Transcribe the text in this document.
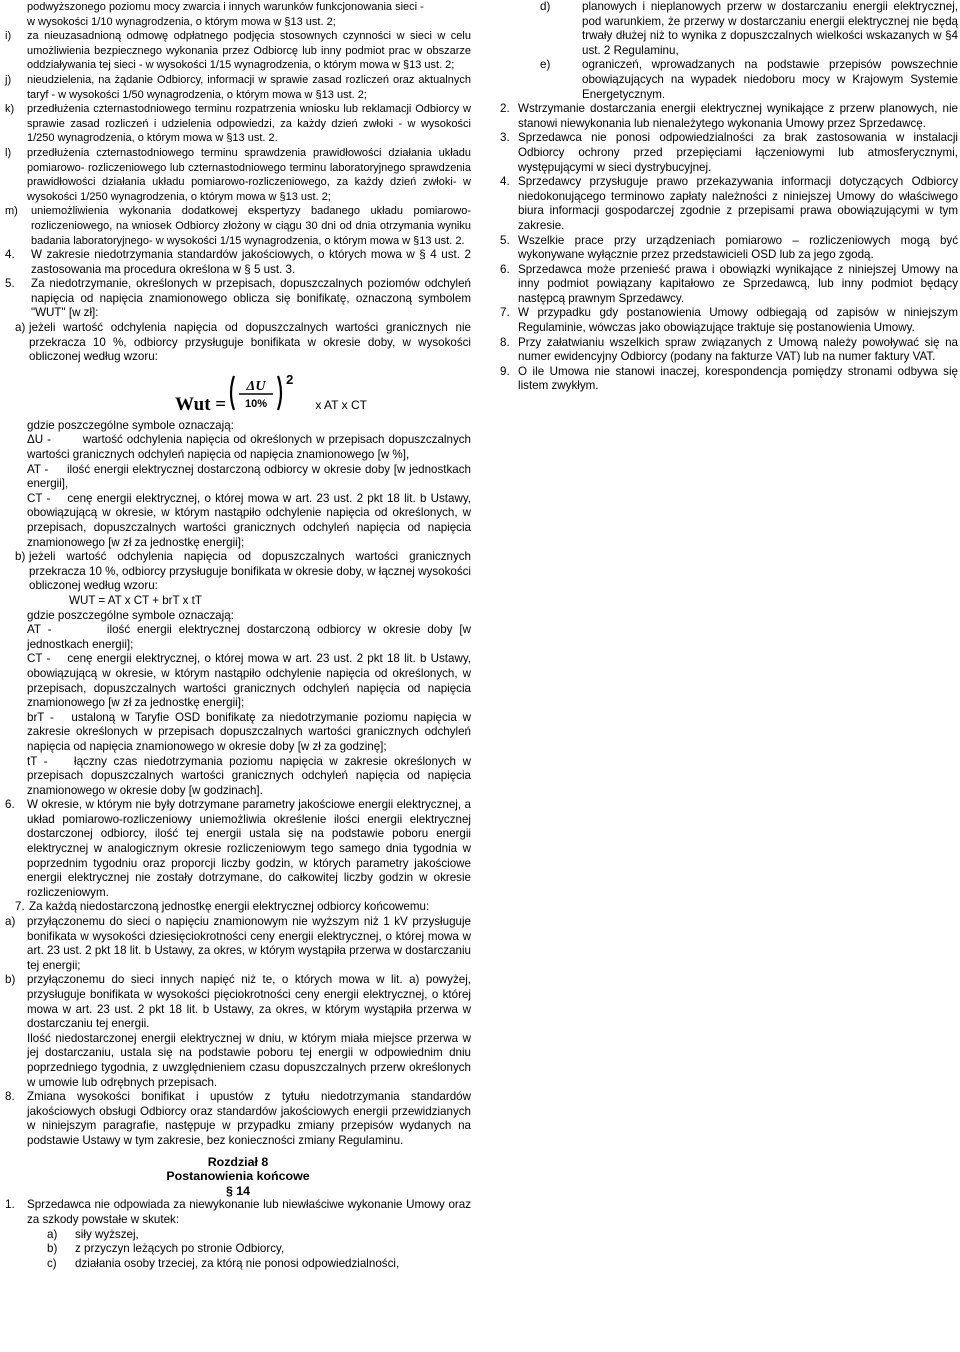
podwyższonego poziomu mocy zwarcia i innych warunków funkcjonowania sieci -

w wysokości 1/10 wynagrodzenia, o którym mowa w §13 ust. 2;

i)	za nieuzasadnioną odmowę odpłatnego podjęcia stosownych czynności w sieci w celu umożliwienia bezpiecznego wykonania przez Odbiorcę lub inny podmiot prac w obszarze oddziaływania tej sieci - w wysokości 1/15 wynagrodzenia, o którym mowa w §13 ust. 2;
j)	nieudzielenia, na żądanie Odbiorcy, informacji w sprawie zasad rozliczeń oraz aktualnych taryf - w wysokości 1/50 wynagrodzenia, o którym mowa w §13 ust. 2;
k)	przedłużenia czternastodniowego terminu rozpatrzenia wniosku lub reklamacji Odbiorcy w sprawie zasad rozliczeń i udzielenia odpowiedzi, za każdy dzień zwłoki - w wysokości 1/250 wynagrodzenia, o którym mowa w §13 ust. 2.
l)	przedłużenia czternastodniowego terminu sprawdzenia prawidłowości działania układu pomiarowo- rozliczeniowego lub czternastodniowego terminu laboratoryjnego sprawdzenia prawidłowości działania układu pomiarowo-rozliczeniowego, za każdy dzień zwłoki- w wysokości 1/250 wynagrodzenia, o którym mowa w §13 ust. 2;
m)	uniemożliwienia wykonania dodatkowej ekspertyzy badanego układu pomiarowo-rozliczeniowego, na wniosek Odbiorcy złożony w ciągu 30 dni od dnia otrzymania wyniku badania laboratoryjnego- w wysokości 1/15 wynagrodzenia, o którym mowa w §13 ust. 2.
4.	W zakresie niedotrzymania standardów jakościowych, o których mowa w § 4 ust. 2 zastosowania ma procedura określona w § 5 ust. 3.
5.	Za niedotrzymanie, określonych w przepisach, dopuszczalnych poziomów odchyleń napięcia od napięcia znamionowego oblicza się bonifikatę, oznaczoną symbolem "WUT" [w zł]:
a) jeżeli wartość odchylenia napięcia od dopuszczalnych wartości granicznych nie przekracza 10 %, odbiorcy przysługuje bonifikata w okresie doby, w wysokości obliczonej według wzoru:
Wut =
ΔU
10%
2
x AT x CT

gdzie poszczególne symbole oznaczają:

ΔU -	wartość odchylenia napięcia od określonych w przepisach dopuszczalnych wartości granicznych odchyleń napięcia od napięcia znamionowego [w %],

AT - ilość energii elektrycznej dostarczoną odbiorcy w okresie doby [w jednostkach energii],

CT - cenę energii elektrycznej, o której mowa w art. 23 ust. 2 pkt 18 lit. b Ustawy, obowiązującą w okresie, w którym nastąpiło odchylenie napięcia od określonych, w przepisach, dopuszczalnych wartości granicznych odchyleń napięcia od napięcia znamionowego [w zł za jednostkę energii];

b) jeżeli wartość odchylenia napięcia od dopuszczalnych wartości granicznych przekracza 10 %, odbiorcy przysługuje bonifikata w okresie doby, w łącznej wysokości obliczonej według wzoru:

WUT = AT x CT + brT x tT

gdzie poszczególne symbole oznaczają:

AT -	ilość energii elektrycznej dostarczoną odbiorcy w okresie doby [w jednostkach energii];

CT - cenę energii elektrycznej, o której mowa w art. 23 ust. 2 pkt 18 lit. b Ustawy, obowiązującą w okresie, w którym nastąpiło odchylenie napięcia od określonych, w przepisach, dopuszczalnych wartości granicznych odchyleń napięcia od napięcia znamionowego [w zł za jednostkę energii];

brT - ustaloną w Taryfie OSD bonifikatę za niedotrzymanie poziomu napięcia w zakresie określonych w przepisach dopuszczalnych wartości granicznych odchyleń napięcia od napięcia znamionowego w okresie doby [w zł za godzinę];

tT - łączny czas niedotrzymania poziomu napięcia w zakresie określonych w przepisach dopuszczalnych wartości granicznych odchyleń napięcia od napięcia znamionowego w okresie doby [w godzinach].

6.	W okresie, w którym nie były dotrzymane parametry jakościowe energii elektrycznej, a układ pomiarowo-rozliczeniowy uniemożliwia określenie ilości energii elektrycznej dostarczonej odbiorcy, ilość tej energii ustala się na podstawie poboru energii elektrycznej w analogicznym okresie rozliczeniowym tego samego dnia tygodnia w poprzednim tygodniu oraz proporcji liczby godzin, w których parametry jakościowe energii elektrycznej nie zostały dotrzymane, do całkowitej liczby godzin w okresie rozliczeniowym.
7. Za każdą niedostarczoną jednostkę energii elektrycznej odbiorcy końcowemu:
a)	przyłączonemu do sieci o napięciu znamionowym nie wyższym niż 1 kV przysługuje bonifikata w wysokości dziesięciokrotności ceny energii elektrycznej, o której mowa w art. 23 ust. 2 pkt 18 lit. b Ustawy, za okres, w którym wystąpiła przerwa w dostarczaniu tej energii;
b)	przyłączonemu do sieci innych napięć niż te, o których mowa w lit. a) powyżej, przysługuje bonifikata w wysokości pięciokrotności ceny energii elektrycznej, o której mowa w art. 23 ust. 2 pkt 18 lit. b Ustawy, za okres, w którym wystąpiła przerwa w dostarczaniu tej energii.

Ilość niedostarczonej energii elektrycznej w dniu, w którym miała miejsce przerwa w jej dostarczaniu, ustala się na podstawie poboru tej energii w odpowiednim dniu poprzedniego tygodnia, z uwzględnieniem czasu dopuszczalnych przerw określonych w umowie lub odrębnych przepisach.

8.	Zmiana wysokości bonifikat i upustów z tytułu niedotrzymania standardów jakościowych obsługi Odbiorcy oraz standardów jakościowych energii przewidzianych w niniejszym paragrafie, następuje w przypadku zmiany przepisów wydanych na podstawie Ustawy w tym zakresie, bez konieczności zmiany Regulaminu.
Rozdział 8
Postanowienia końcowe
§ 14
1.	Sprzedawca nie odpowiada za niewykonanie lub niewłaściwe wykonanie Umowy oraz za szkody powstałe w skutek:
a)	siły wyższej,
b)	z przyczyn leżących po stronie Odbiorcy,
c)	działania osoby trzeciej, za którą nie ponosi odpowiedzialności,
d)	planowych i nieplanowych przerw w dostarczaniu energii elektrycznej, pod warunkiem, że przerwy w dostarczaniu energii elektrycznej nie będą trwały dłużej niż to wynika z dopuszczalnych wielkości wskazanych w §4 ust. 2 Regulaminu,
e)	ograniczeń, wprowadzanych na podstawie przepisów powszechnie obowiązujących na wypadek niedoboru mocy w Krajowym Systemie Energetycznym.
2. Wstrzymanie dostarczania energii elektrycznej wynikające z przerw planowych, nie stanowi niewykonania lub nienależytego wykonania Umowy przez Sprzedawcę.
3. Sprzedawca nie ponosi odpowiedzialności za brak zastosowania w instalacji Odbiorcy ochrony przed przepięciami łączeniowymi lub atmosferycznymi, występującymi w sieci dystrybucyjnej.
4. Sprzedawcy przysługuje prawo przekazywania informacji dotyczących Odbiorcy niedokonującego terminowo zapłaty należności z niniejszej Umowy do właściwego biura informacji gospodarczej zgodnie z przepisami prawa obowiązującymi w tym zakresie.
5. Wszelkie prace przy urządzeniach pomiarowo – rozliczeniowych mogą być wykonywane wyłącznie przez przedstawicieli OSD lub za jego zgodą.
6. Sprzedawca może przenieść prawa i obowiązki wynikające z niniejszej Umowy na inny podmiot powiązany kapitałowo ze Sprzedawcą, lub inny podmiot będący następcą prawnym Sprzedawcy.
7. W przypadku gdy postanowienia Umowy odbiegają od zapisów w niniejszym Regulaminie, wówczas jako obowiązujące traktuje się postanowienia Umowy.
8. Przy załatwianiu wszelkich spraw związanych z Umową należy powoływać się na numer ewidencyjny Odbiorcy (podany na fakturze VAT) lub na numer faktury VAT.
9. O ile Umowa nie stanowi inaczej, korespondencja pomiędzy stronami odbywa się listem zwykłym.
